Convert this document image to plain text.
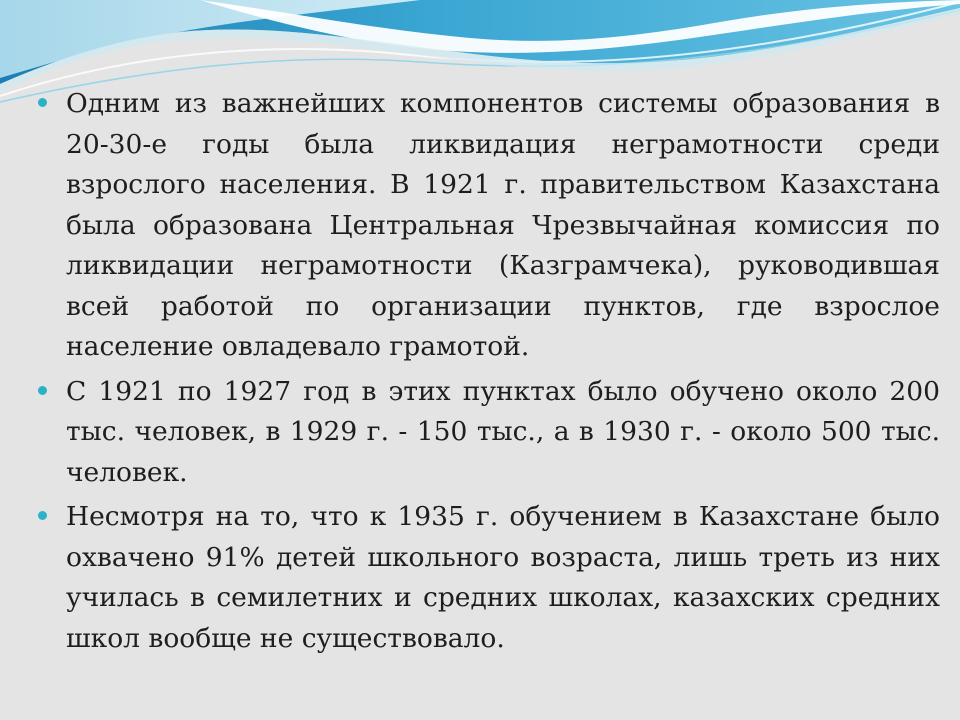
Одним из важнейших компонентов системы образования в 20-30-е годы была ликвидация неграмотности среди взрослого населения. В 1921 г. правительством Казахстана была образована Центральная Чрезвычайная комиссия по ликвидации неграмотности (Казграмчека), руководившая всей работой по организации пунктов, где взрослое население овладевало грамотой.
С 1921 по 1927 год в этих пунктах было обучено около 200 тыс. человек, в 1929 г. - 150 тыс., а в 1930 г. - около 500 тыс. человек.
Несмотря на то, что к 1935 г. обучением в Казахстане было охвачено 91% детей школьного возраста, лишь треть из них училась в семилетних и средних школах, казахских средних школ вообще не существовало.
